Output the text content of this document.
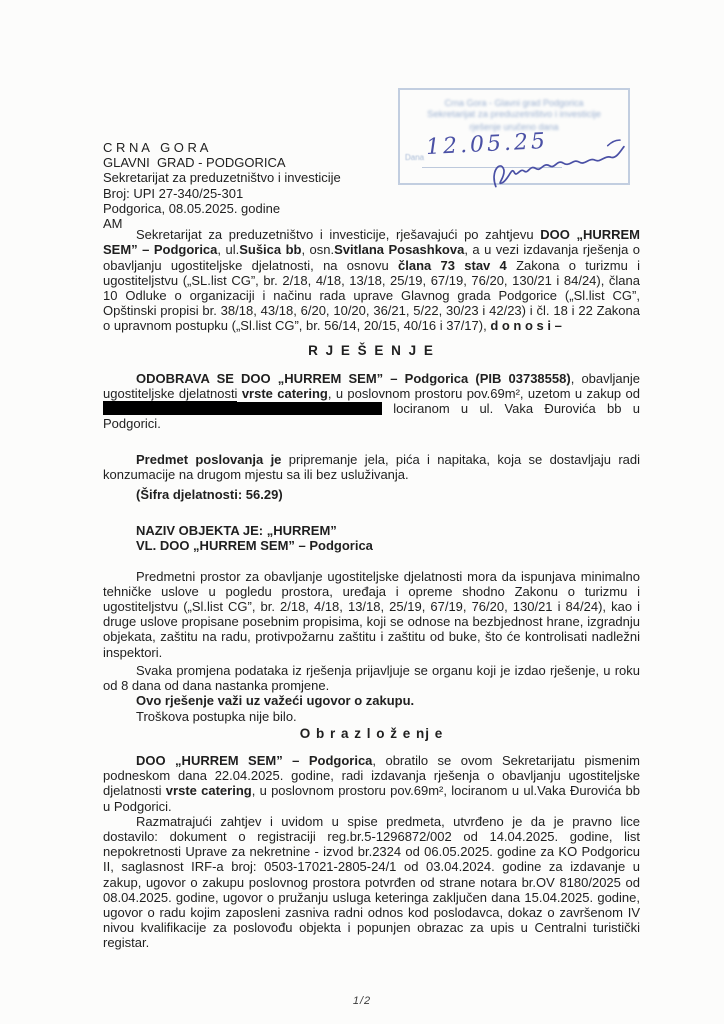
Crna Gora - Glavni grad Podgorica
Sekretarijat za preduzetništvo i investicije
rješenje uručeno dana
Dana 12.05.25
C R N A   G O R A
GLAVNI  GRAD - PODGORICA
Sekretarijat za preduzetništvo i investicije
Broj: UPI 27-340/25-301
Podgorica, 08.05.2025. godine
AM

Sekretarijat za preduzetništvo i investicije, rješavajući po zahtjevu DOO „HURREM SEM” – Podgorica, ul.Sušica bb, osn.Svitlana Posashkova, a u vezi izdavanja rješenja o obavljanju ugostiteljske djelatnosti, na osnovu člana 73 stav 4 Zakona o turizmu i ugostiteljstvu („SL.list CG”, br. 2/18, 4/18, 13/18, 25/19, 67/19, 76/20, 130/21 i 84/24), člana 10 Odluke o organizaciji i načinu rada uprave Glavnog grada Podgorice („Sl.list CG”, Opštinski propisi br. 38/18, 43/18, 6/20, 10/20, 36/21, 5/22, 30/23 i 42/23) i čl. 18 i 22 Zakona o upravnom postupku („Sl.list CG”, br. 56/14, 20/15, 40/16 i 37/17), d o n o s i –

R J E Š E N J E

ODOBRAVA SE DOO „HURREM SEM” – Podgorica (PIB 03738558), obavljanje ugostiteljske djelatnosti vrste catering, u poslovnom prostoru pov.69m², uzetom u zakup od  lociranom u ul. Vaka Đurovića bb u Podgorici.

Predmet poslovanja je pripremanje jela, pića i napitaka, koja se dostavljaju radi konzumacije na drugom mjestu sa ili bez usluživanja.

(Šifra djelatnosti: 56.29)
NAZIV OBJEKTA JE: „HURREM”
VL. DOO „HURREM SEM” – Podgorica

Predmetni prostor za obavljanje ugostiteljske djelatnosti mora da ispunjava minimalno tehničke uslove u pogledu prostora, uređaja i opreme shodno Zakonu o turizmu i ugostiteljstvu („Sl.list CG”, br. 2/18, 4/18, 13/18, 25/19, 67/19, 76/20, 130/21 i 84/24), kao i druge uslove propisane posebnim propisima, koji se odnose na bezbjednost hrane, izgradnju objekata, zaštitu na radu, protivpožarnu zaštitu i zaštitu od buke, što će kontrolisati nadležni inspektori.

Svaka promjena podataka iz rješenja prijavljuje se organu koji je izdao rješenje, u roku od 8 dana od dana nastanka promjene.

Ovo rješenje važi uz važeći ugovor o zakupu.
Troškova postupka nije bilo.
O b r a z l o ž e nj e

DOO „HURREM SEM” – Podgorica, obratilo se ovom Sekretarijatu pismenim podneskom dana 22.04.2025. godine, radi izdavanja rješenja o obavljanju ugostiteljske djelatnosti vrste catering, u poslovnom prostoru pov.69m², lociranom u ul.Vaka Đurovića bb u Podgorici.

Razmatrajući zahtjev i uvidom u spise predmeta, utvrđeno je da je pravno lice dostavilo: dokument o registraciji reg.br.5-1296872/002 od 14.04.2025. godine, list nepokretnosti Uprave za nekretnine - izvod br.2324 od 06.05.2025. godine za KO Podgoricu II, saglasnost IRF-a broj: 0503-17021-2805-24/1 od 03.04.2024. godine za izdavanje u zakup, ugovor o zakupu poslovnog prostora potvrđen od strane notara br.OV 8180/2025 od 08.04.2025. godine, ugovor o pružanju usluga keteringa zaključen dana 15.04.2025. godine, ugovor o radu kojim zaposleni zasniva radni odnos kod poslodavca, dokaz o završenom IV nivou kvalifikacije za poslovođu objekta i popunjen obrazac za upis u Centralni turistički registar.

1/2
